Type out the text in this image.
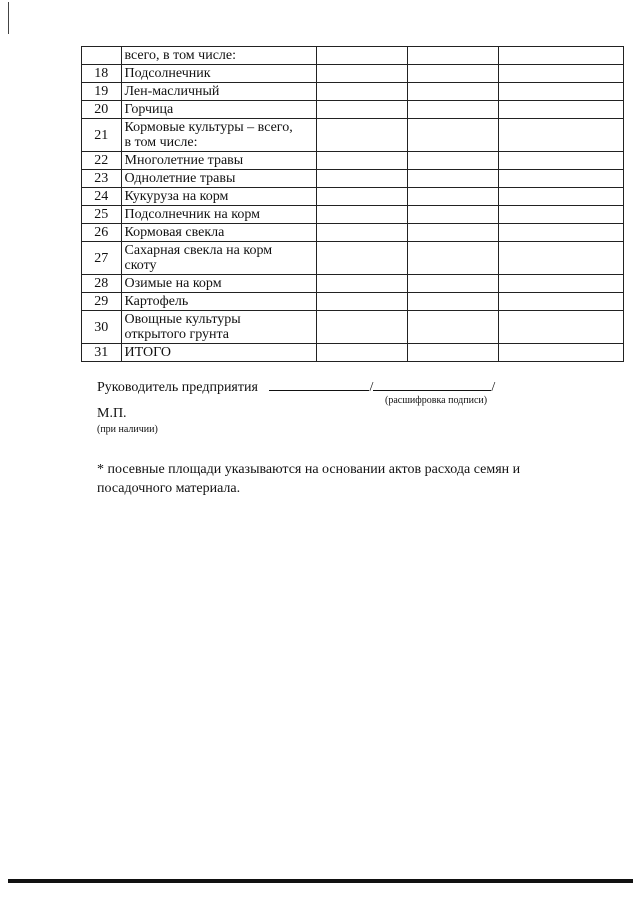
	всего, в том числе:			

18	Подсолнечник			

19	Лен-масличный			

20	Горчица			

21	Кормовые культуры – всего,
в том числе:			

22	Многолетние травы			

23	Однолетние травы			

24	Кукуруза на корм			

25	Подсолнечник на корм			

26	Кормовая свекла			

27	Сахарная свекла на корм
скоту			

28	Озимые на корм			

29	Картофель			

30	Овощные культуры
открытого грунта			

31	ИТОГО			

Руководитель предприятия	/	/
(расшифровка подписи)
М.П.
(при наличии)
* посевные площади указываются на основании актов расхода семян и посадочного материала.
